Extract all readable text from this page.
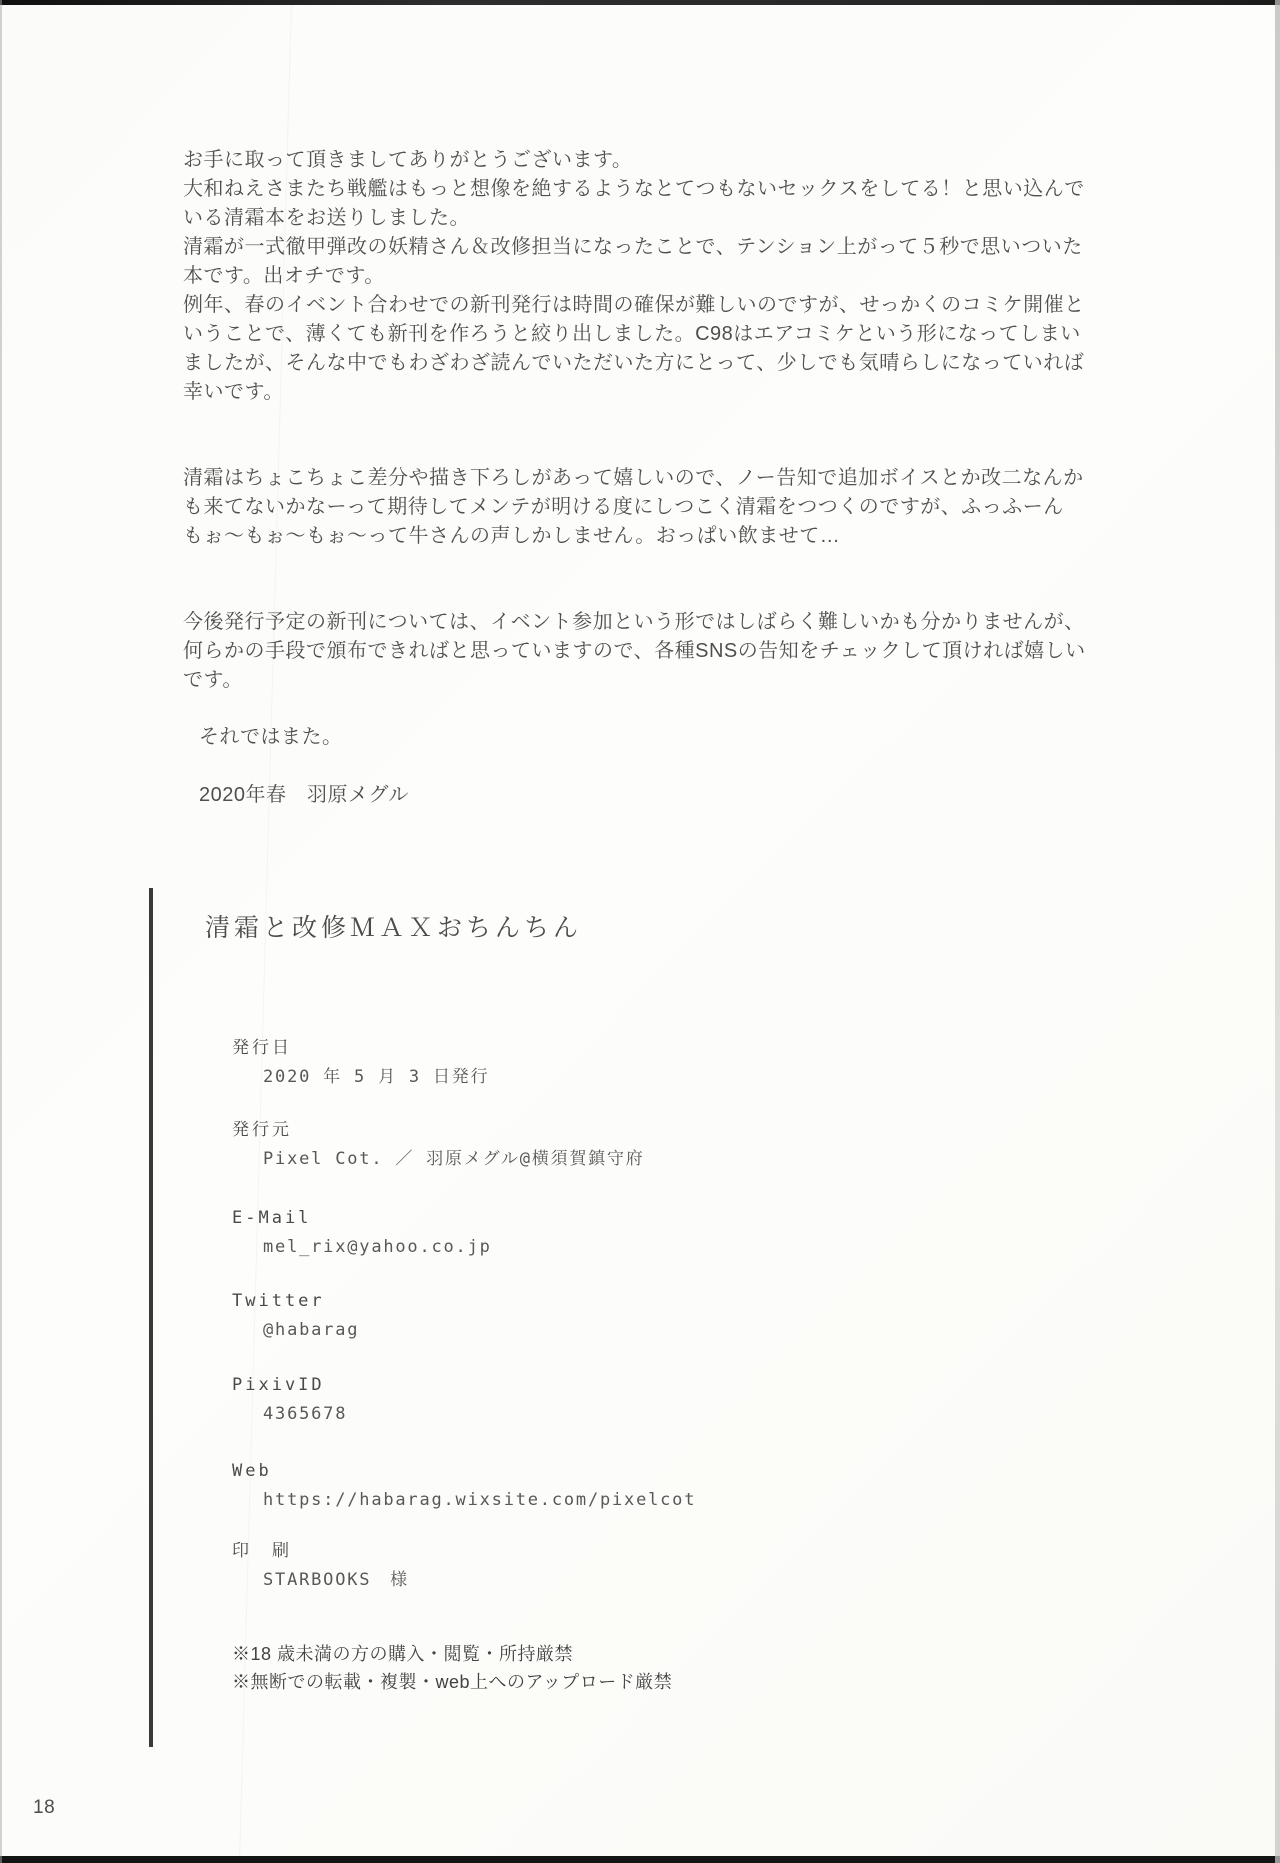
お手に取って頂きましてありがとうございます。
大和ねえさまたち戦艦はもっと想像を絶するようなとてつもないセックスをしてる！と思い込んで
いる清霜本をお送りしました。
清霜が一式徹甲弾改の妖精さん＆改修担当になったことで、テンション上がって５秒で思いついた
本です。出オチです。
例年、春のイベント合わせでの新刊発行は時間の確保が難しいのですが、せっかくのコミケ開催と
いうことで、薄くても新刊を作ろうと絞り出しました。C98はエアコミケという形になってしまい
ましたが、そんな中でもわざわざ読んでいただいた方にとって、少しでも気晴らしになっていれば
幸いです。
清霜はちょこちょこ差分や描き下ろしがあって嬉しいので、ノー告知で追加ボイスとか改二なんか
も来てないかなーって期待してメンテが明ける度にしつこく清霜をつつくのですが、ふっふーん
もぉ〜もぉ〜もぉ〜って牛さんの声しかしません。おっぱい飲ませて…
今後発行予定の新刊については、イベント参加という形ではしばらく難しいかも分かりませんが、
何らかの手段で頒布できればと思っていますので、各種SNSの告知をチェックして頂ければ嬉しい
です。
それではまた。
2020年春　羽原メグル
清霜と改修ＭＡＸおちんちん
発行日
2020 年 5 月 3 日発行
発行元
Pixel Cot. ／ 羽原メグル@横須賀鎮守府
E-Mail
mel_rix@yahoo.co.jp
Twitter
@habarag
PixivID
4365678
Web
https://habarag.wixsite.com/pixelcot
印　刷
STARBOOKS　様
※18 歳未満の方の購入・閲覧・所持厳禁
※無断での転載・複製・web上へのアップロード厳禁
18
